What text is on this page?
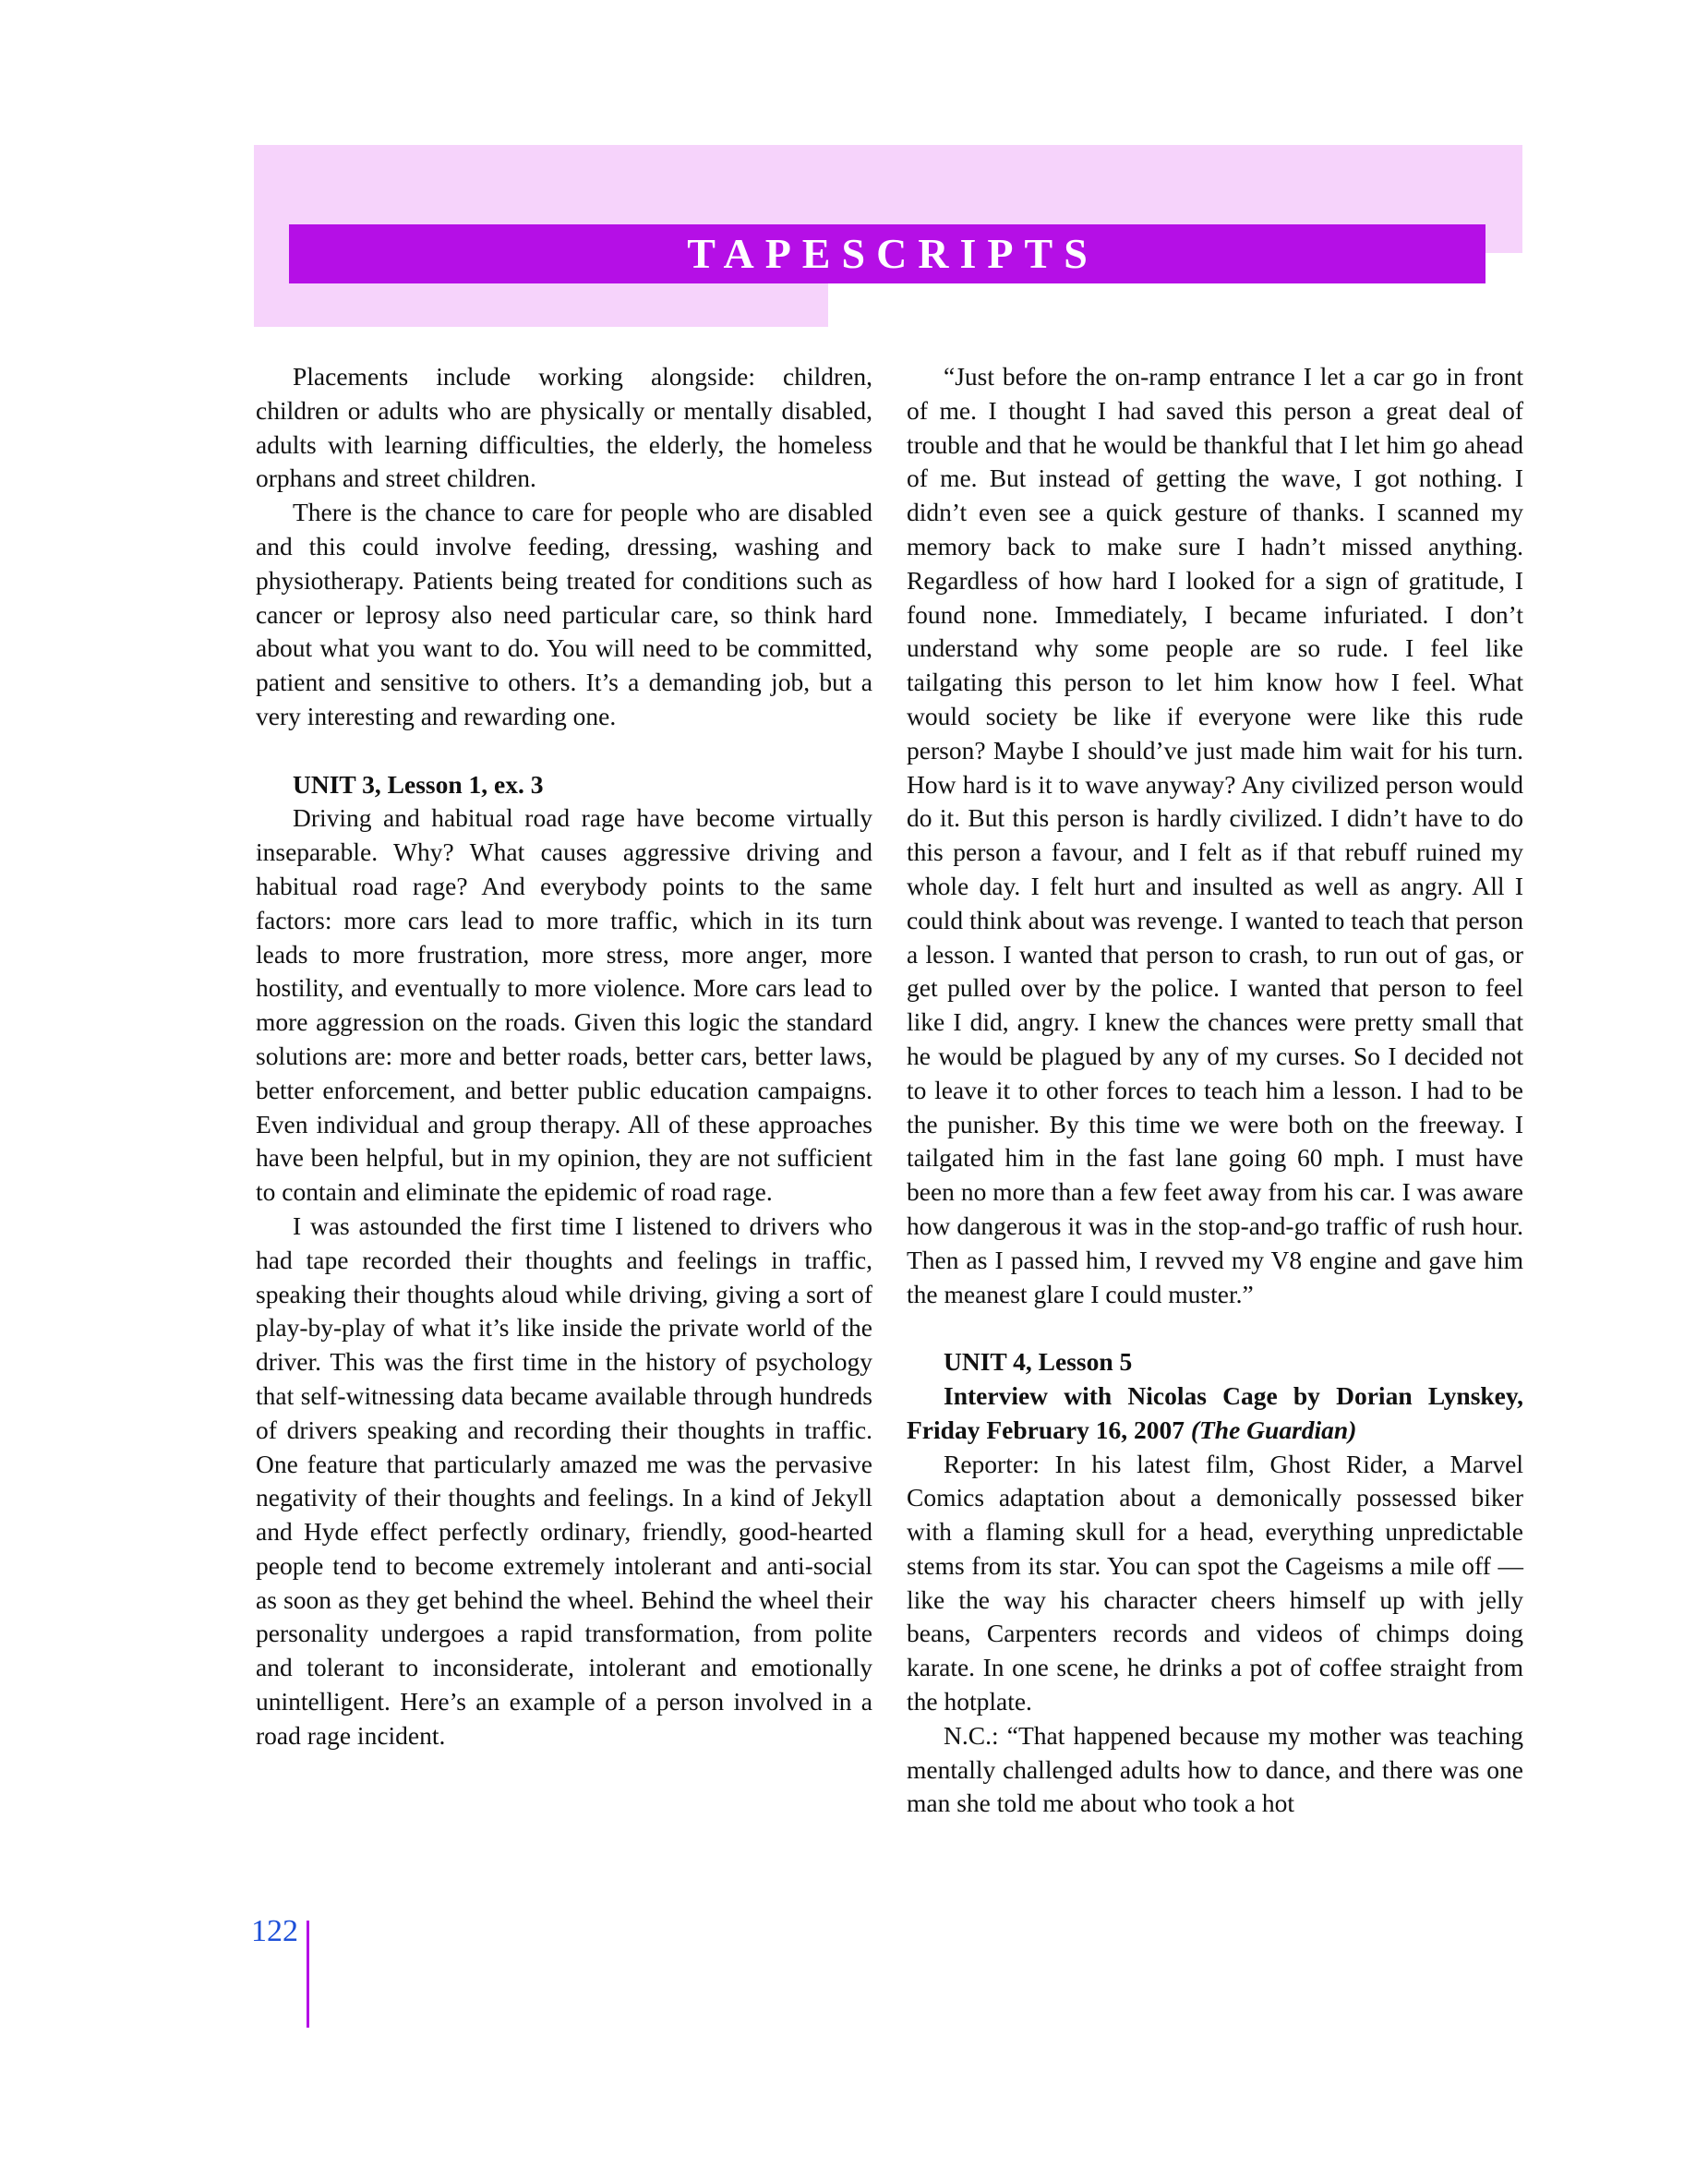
TAPESCRIPTS

Placements include working alongside: children, children or adults who are physically or mentally disabled, adults with learning difficulties, the elderly, the homeless orphans and street children.

There is the chance to care for people who are disabled and this could involve feeding, dressing, washing and physiotherapy. Patients being treated for conditions such as cancer or leprosy also need particular care, so think hard about what you want to do. You will need to be committed, patient and sensitive to others. It’s a demanding job, but a very interesting and rewarding one.

UNIT 3, Lesson 1, ex. 3

Driving and habitual road rage have become virtually inseparable. Why? What causes aggressive driving and habitual road rage? And everybody points to the same factors: more cars lead to more traffic, which in its turn leads to more frustration, more stress, more anger, more hostility, and eventually to more violence. More cars lead to more aggression on the roads. Given this logic the standard solutions are: more and better roads, better cars, better laws, better enforcement, and better public education campaigns. Even individual and group therapy. All of these approaches have been helpful, but in my opinion, they are not sufficient to contain and eliminate the epidemic of road rage.

I was astounded the first time I listened to drivers who had tape recorded their thoughts and feelings in traffic, speaking their thoughts aloud while driving, giving a sort of play-by-play of what it’s like inside the private world of the driver. This was the first time in the history of psychology that self-witnessing data became available through hundreds of drivers speaking and recording their thoughts in traffic. One feature that particularly amazed me was the pervasive negativity of their thoughts and feelings. In a kind of Jekyll and Hyde effect perfectly ordinary, friendly, good-hearted people tend to become extremely intolerant and anti-social as soon as they get behind the wheel. Behind the wheel their personality undergoes a rapid transformation, from polite and tolerant to inconsiderate, intolerant and emotionally unintelligent. Here’s an example of a person involved in a road rage incident.

“Just before the on-ramp entrance I let a car go in front of me. I thought I had saved this person a great deal of trouble and that he would be thankful that I let him go ahead of me. But instead of getting the wave, I got nothing. I didn’t even see a quick gesture of thanks. I scanned my memory back to make sure I hadn’t missed anything. Regardless of how hard I looked for a sign of gratitude, I found none. Immediately, I became infuriated. I don’t understand why some people are so rude. I feel like tailgating this person to let him know how I feel. What would society be like if everyone were like this rude person? Maybe I should’ve just made him wait for his turn. How hard is it to wave anyway? Any civilized person would do it. But this person is hardly civilized. I didn’t have to do this person a favour, and I felt as if that rebuff ruined my whole day. I felt hurt and insulted as well as angry. All I could think about was revenge. I wanted to teach that person a lesson. I wanted that person to crash, to run out of gas, or get pulled over by the police. I wanted that person to feel like I did, angry. I knew the chances were pretty small that he would be plagued by any of my curses. So I decided not to leave it to other forces to teach him a lesson. I had to be the punisher. By this time we were both on the freeway. I tailgated him in the fast lane going 60 mph. I must have been no more than a few feet away from his car. I was aware how dangerous it was in the stop-and-go traffic of rush hour. Then as I passed him, I revved my V8 engine and gave him the meanest glare I could muster.”

UNIT 4, Lesson 5

Interview with Nicolas Cage by Dorian Lynskey, Friday February 16, 2007 (The Guardian)

Reporter: In his latest film, Ghost Rider, a Marvel Comics adaptation about a demonically possessed biker with a flaming skull for a head, everything unpredictable stems from its star. You can spot the Cageisms a mile off — like the way his character cheers himself up with jelly beans, Carpenters records and videos of chimps doing karate. In one scene, he drinks a pot of coffee straight from the hotplate.

N.C.: “That happened because my mother was teaching mentally challenged adults how to dance, and there was one man she told me about who took a hot

122
